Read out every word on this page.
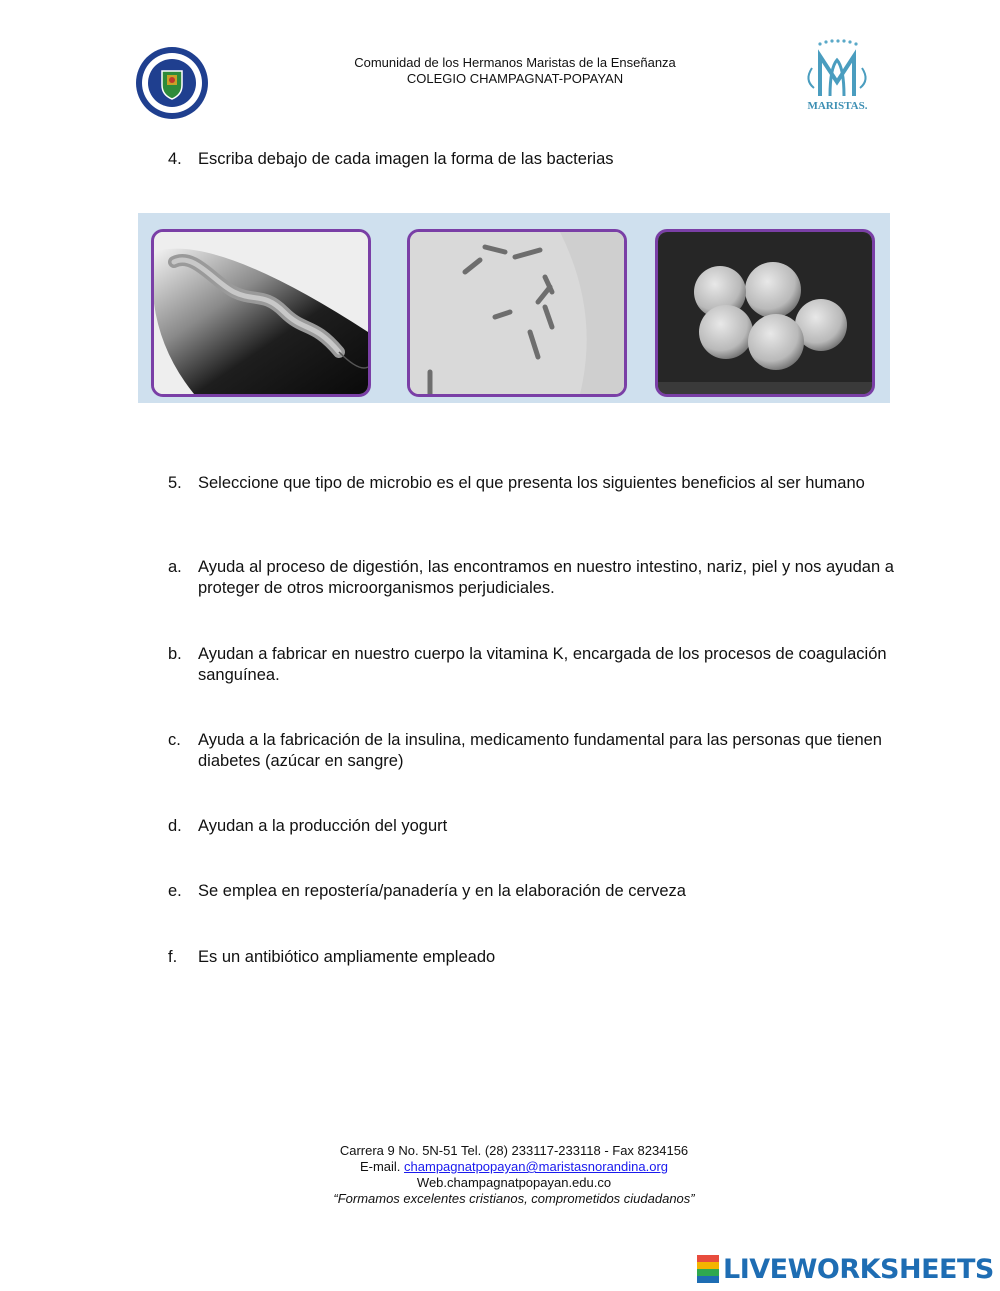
Comunidad de los Hermanos Maristas de la Enseñanza
COLEGIO CHAMPAGNAT-POPAYAN
MARISTAS.
4. Escriba debajo de cada imagen la forma de las bacterias
5. Seleccione que tipo de microbio es el que presenta los siguientes beneficios al ser humano
a. Ayuda al proceso de digestión, las encontramos en nuestro intestino, nariz, piel y nos ayudan a proteger de otros microorganismos perjudiciales.
b. Ayudan a fabricar en nuestro cuerpo la vitamina K, encargada de los procesos de coagulación sanguínea.
c.	Ayuda a la fabricación de la insulina, medicamento fundamental para las personas que tienen diabetes (azúcar en sangre)
d. Ayudan a la producción del yogurt
e. Se emplea en repostería/panadería y en la elaboración de cerveza
f.	Es un antibiótico ampliamente empleado
Carrera 9 No. 5N-51 Tel. (28) 233117-233118 - Fax 8234156
E-mail. champagnatpopayan@maristasnorandina.org
Web.champagnatpopayan.edu.co
“Formamos excelentes cristianos, comprometidos ciudadanos”
LIVEWORKSHEETS
